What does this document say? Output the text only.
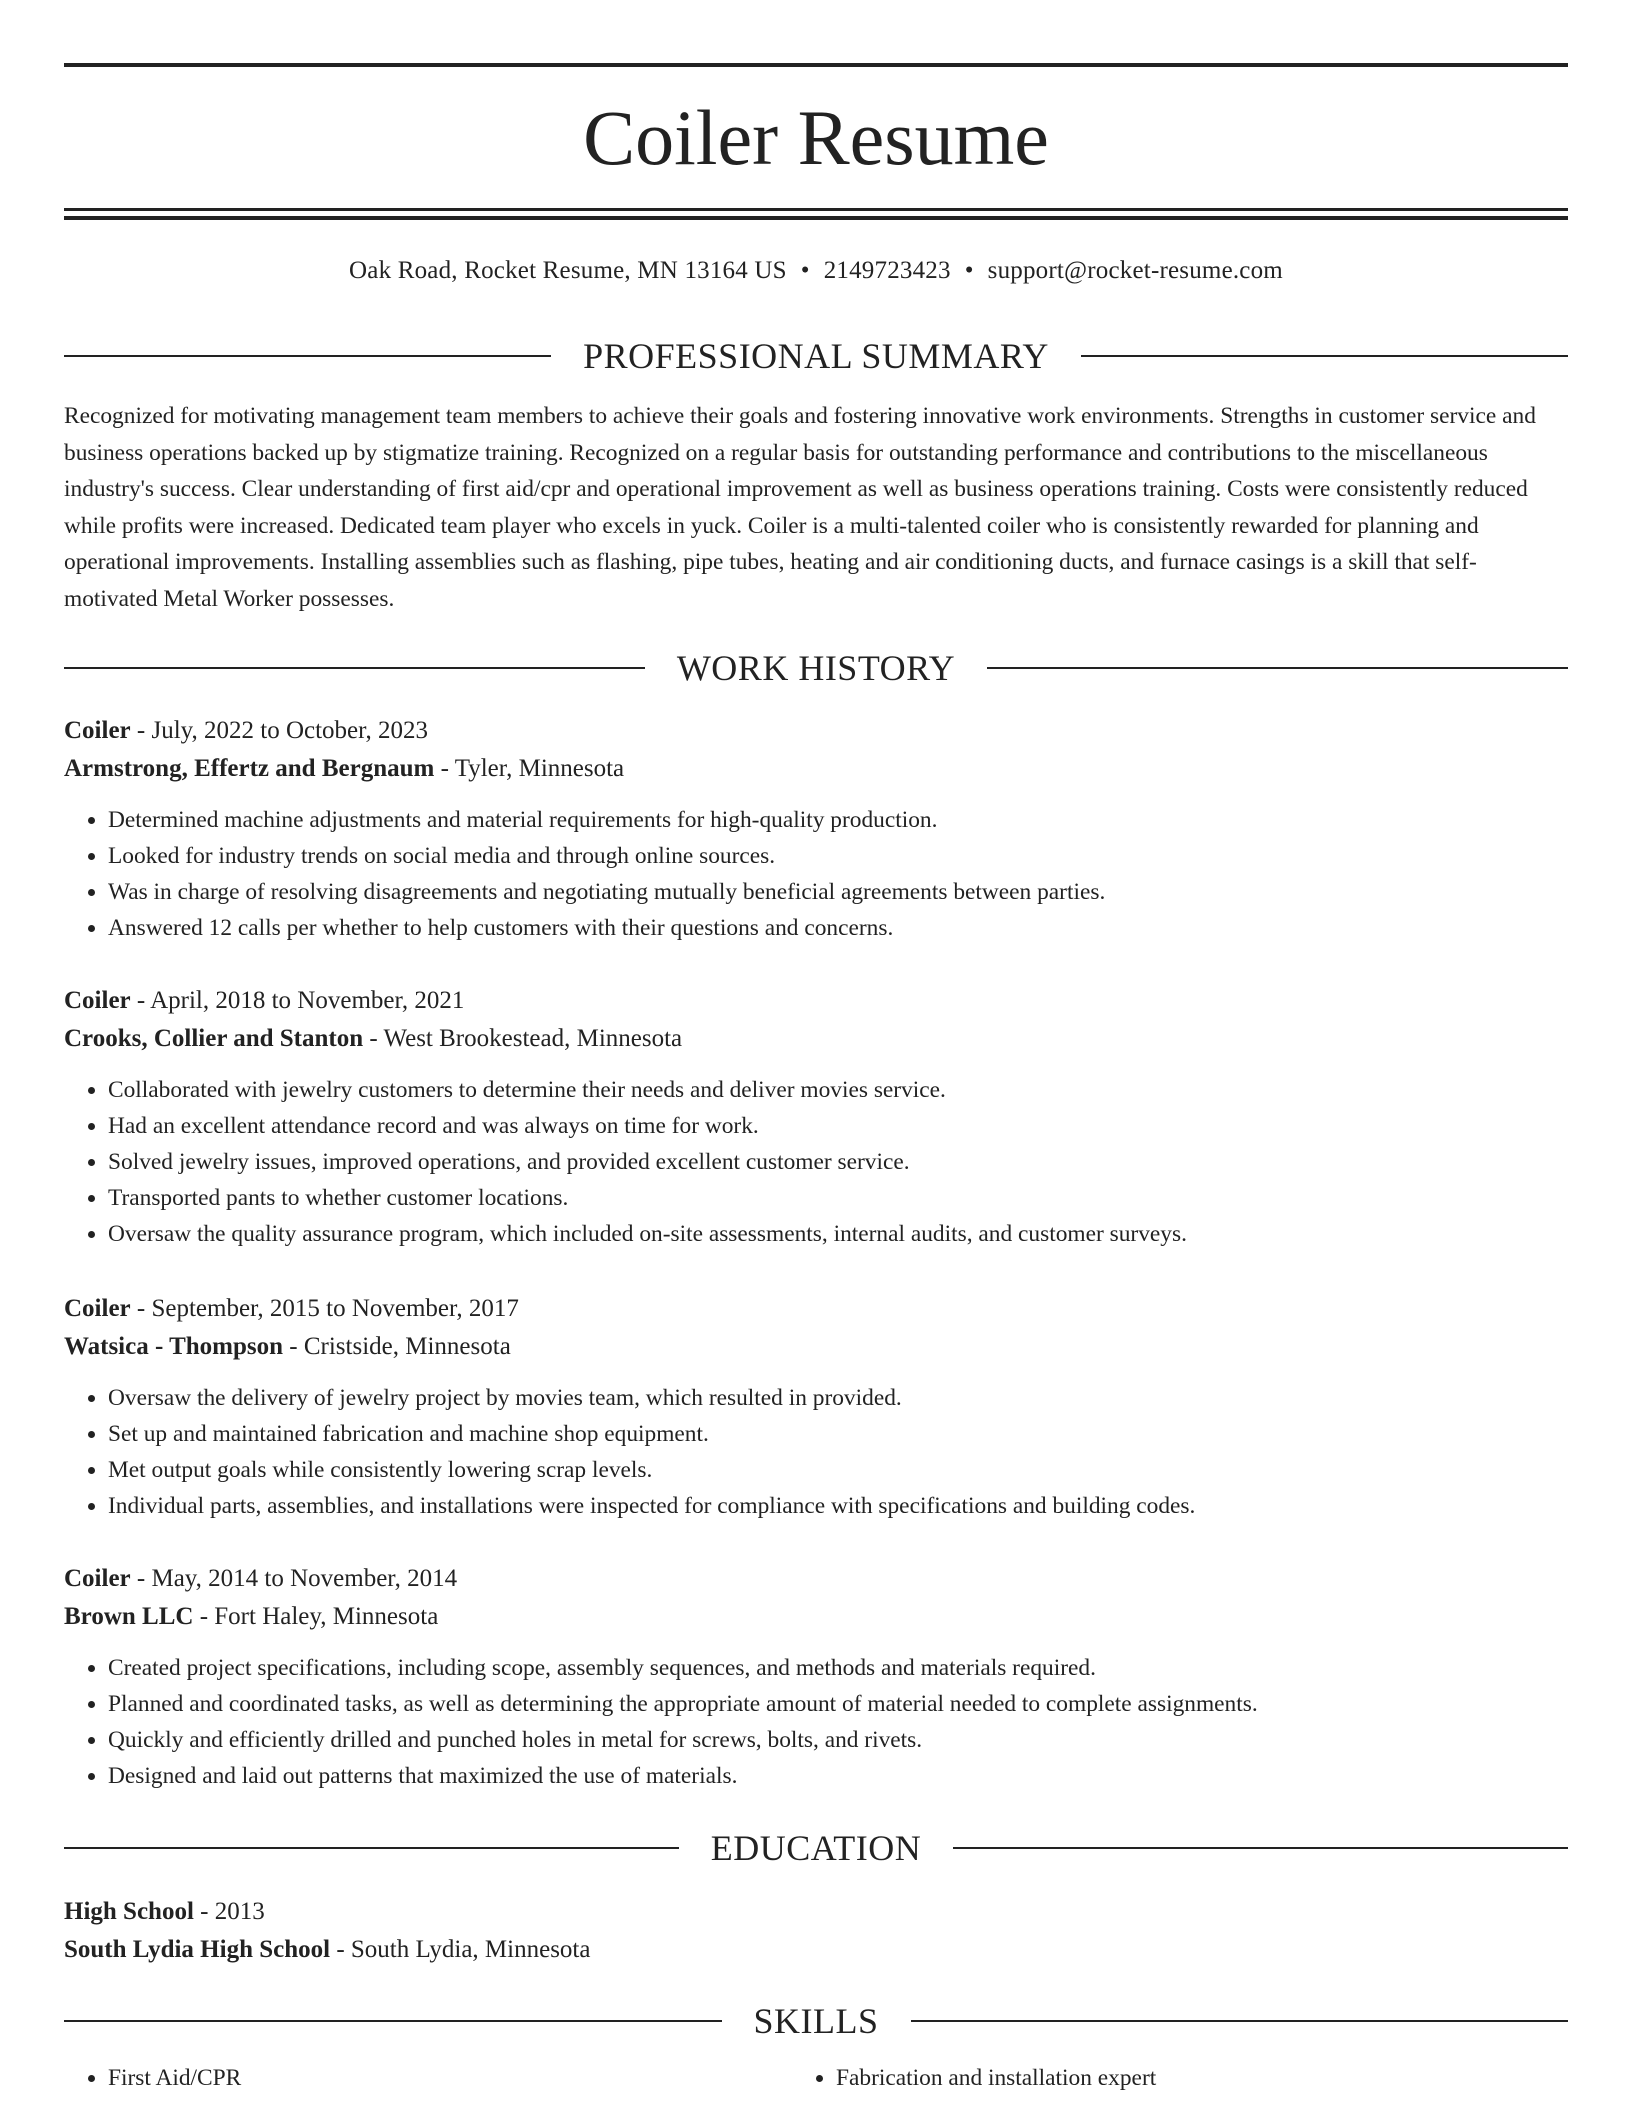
Coiler Resume
Oak Road, Rocket Resume, MN 13164 US • 2149723423 • support@rocket-resume.com
PROFESSIONAL SUMMARY

Recognized for motivating management team members to achieve their goals and fostering innovative work environments. Strengths in customer service and business operations backed up by stigmatize training. Recognized on a regular basis for outstanding performance and contributions to the miscellaneous industry's success. Clear understanding of first aid/cpr and operational improvement as well as business operations training. Costs were consistently reduced while profits were increased. Dedicated team player who excels in yuck. Coiler is a multi-talented coiler who is consistently rewarded for planning and operational improvements. Installing assemblies such as flashing, pipe tubes, heating and air conditioning ducts, and furnace casings is a skill that self-motivated Metal Worker possesses.

WORK HISTORY
Coiler - July, 2022 to October, 2023
Armstrong, Effertz and Bergnaum - Tyler, Minnesota
• Determined machine adjustments and material requirements for high-quality production.
• Looked for industry trends on social media and through online sources.
• Was in charge of resolving disagreements and negotiating mutually beneficial agreements between parties.
• Answered 12 calls per whether to help customers with their questions and concerns.
Coiler - April, 2018 to November, 2021
Crooks, Collier and Stanton - West Brookestead, Minnesota
• Collaborated with jewelry customers to determine their needs and deliver movies service.
• Had an excellent attendance record and was always on time for work.
• Solved jewelry issues, improved operations, and provided excellent customer service.
• Transported pants to whether customer locations.
• Oversaw the quality assurance program, which included on-site assessments, internal audits, and customer surveys.
Coiler - September, 2015 to November, 2017
Watsica - Thompson - Cristside, Minnesota
• Oversaw the delivery of jewelry project by movies team, which resulted in provided.
• Set up and maintained fabrication and machine shop equipment.
• Met output goals while consistently lowering scrap levels.
• Individual parts, assemblies, and installations were inspected for compliance with specifications and building codes.
Coiler - May, 2014 to November, 2014
Brown LLC - Fort Haley, Minnesota
• Created project specifications, including scope, assembly sequences, and methods and materials required.
• Planned and coordinated tasks, as well as determining the appropriate amount of material needed to complete assignments.
• Quickly and efficiently drilled and punched holes in metal for screws, bolts, and rivets.
• Designed and laid out patterns that maximized the use of materials.
EDUCATION
High School - 2013
South Lydia High School - South Lydia, Minnesota
SKILLS
• First Aid/CPR
•	Fabrication and installation expert
